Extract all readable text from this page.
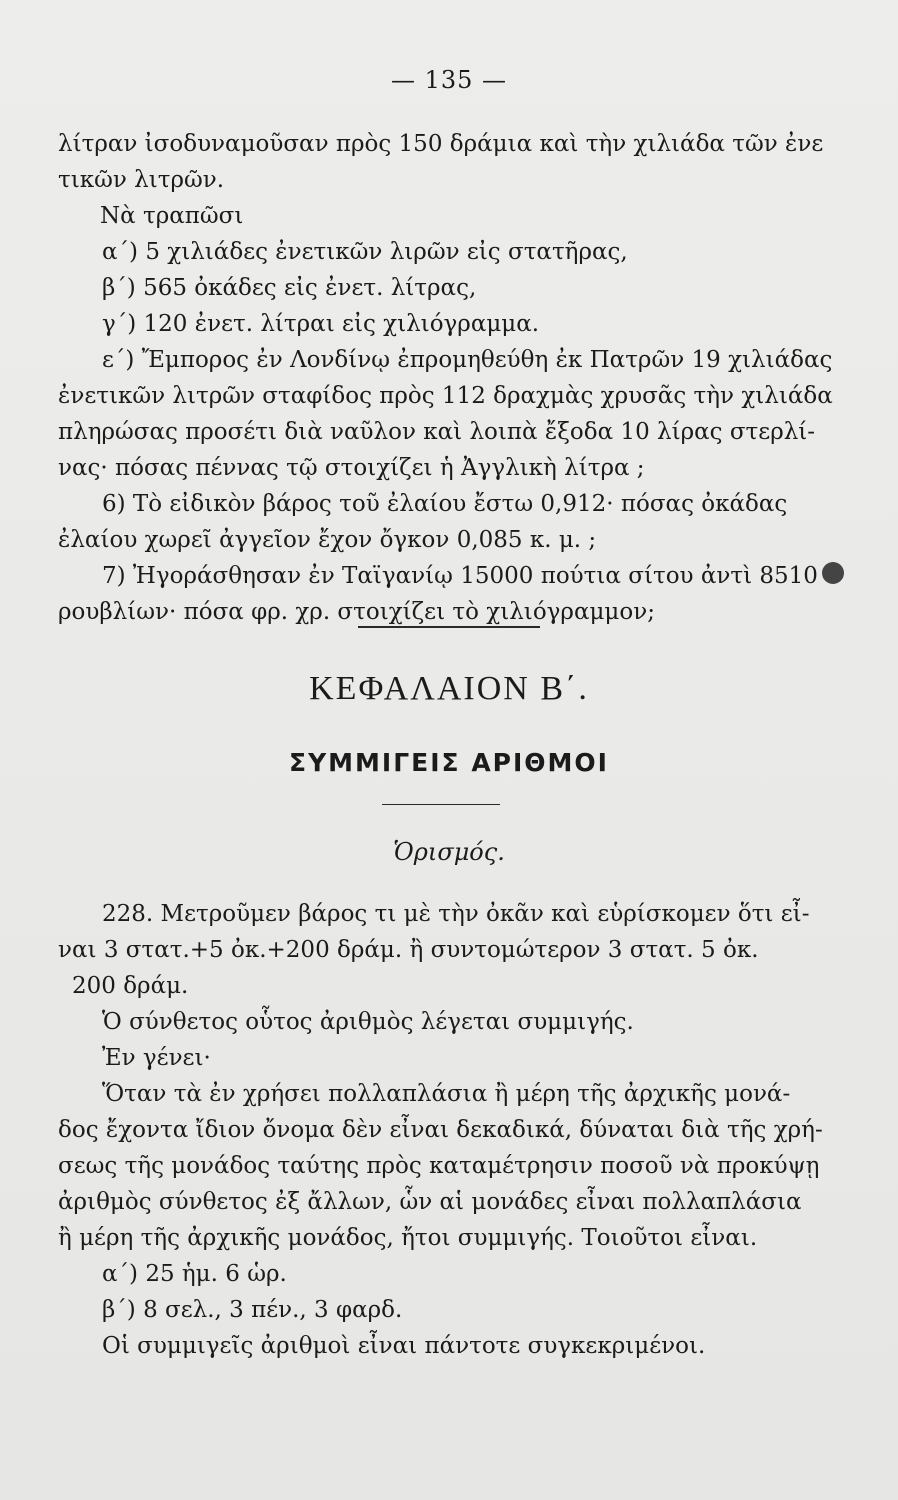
— 135 —
λίτραν ἰσοδυναμοῦσαν πρὸς 150 δράμια καὶ τὴν χιλιάδα τῶν ἐνε
τικῶν λιτρῶν.
Νὰ τραπῶσι
α΄) 5 χιλιάδες ἐνετικῶν λιρῶν εἰς στατῆρας,
β΄) 565 ὀκάδες εἰς ἐνετ. λίτρας,
γ΄) 120 ἐνετ. λίτραι εἰς χιλιόγραμμα.
ε΄) Ἔμπορος ἐν Λονδίνῳ ἐπρομηθεύθη ἐκ Πατρῶν 19 χιλιάδας
ἐνετικῶν λιτρῶν σταφίδος πρὸς 112 δραχμὰς χρυσᾶς τὴν χιλιάδα
πληρώσας προσέτι διὰ ναῦλον καὶ λοιπὰ ἔξοδα 10 λίρας στερλί-
νας· πόσας πέννας τῷ στοιχίζει ἡ Ἀγγλικὴ λίτρα ;
6) Τὸ εἰδικὸν βάρος τοῦ ἐλαίου ἔστω 0,912· πόσας ὀκάδας
ἐλαίου χωρεῖ ἀγγεῖον ἔχον ὄγκον 0,085 κ. μ. ;
7) Ἠγοράσθησαν ἐν Ταϊγανίῳ 15000 πούτια σίτου ἀντὶ 8510
ρουβλίων· πόσα φρ. χρ. στοιχίζει τὸ χιλιόγραμμον;
ΚΕΦΑΛΑΙΟΝ Β΄.
ΣΥΜΜΙΓΕΙΣ ΑΡΙΘΜΟΙ
Ὁρισμός.
228. Μετροῦμεν βάρος τι μὲ τὴν ὀκᾶν καὶ εὑρίσκομεν ὅτι εἶ-
ναι 3 στατ.+5 ὀκ.+200 δράμ. ἢ συντομώτερον 3 στατ. 5 ὀκ.
200 δράμ.
Ὁ σύνθετος οὗτος ἀριθμὸς λέγεται συμμιγής.
Ἐν γένει·
Ὅταν τὰ ἐν χρήσει πολλαπλάσια ἢ μέρη τῆς ἀρχικῆς μονά-
δος ἔχοντα ἴδιον ὄνομα δὲν εἶναι δεκαδικά, δύναται διὰ τῆς χρή-
σεως τῆς μονάδος ταύτης πρὸς καταμέτρησιν ποσοῦ νὰ προκύψῃ
ἀριθμὸς σύνθετος ἐξ ἄλλων, ὧν αἱ μονάδες εἶναι πολλαπλάσια
ἢ μέρη τῆς ἀρχικῆς μονάδος, ἤτοι συμμιγής. Τοιοῦτοι εἶναι.
α΄) 25 ἡμ. 6 ὡρ.
β΄) 8 σελ., 3 πέν., 3 φαρδ.
Οἱ συμμιγεῖς ἀριθμοὶ εἶναι πάντοτε συγκεκριμένοι.
